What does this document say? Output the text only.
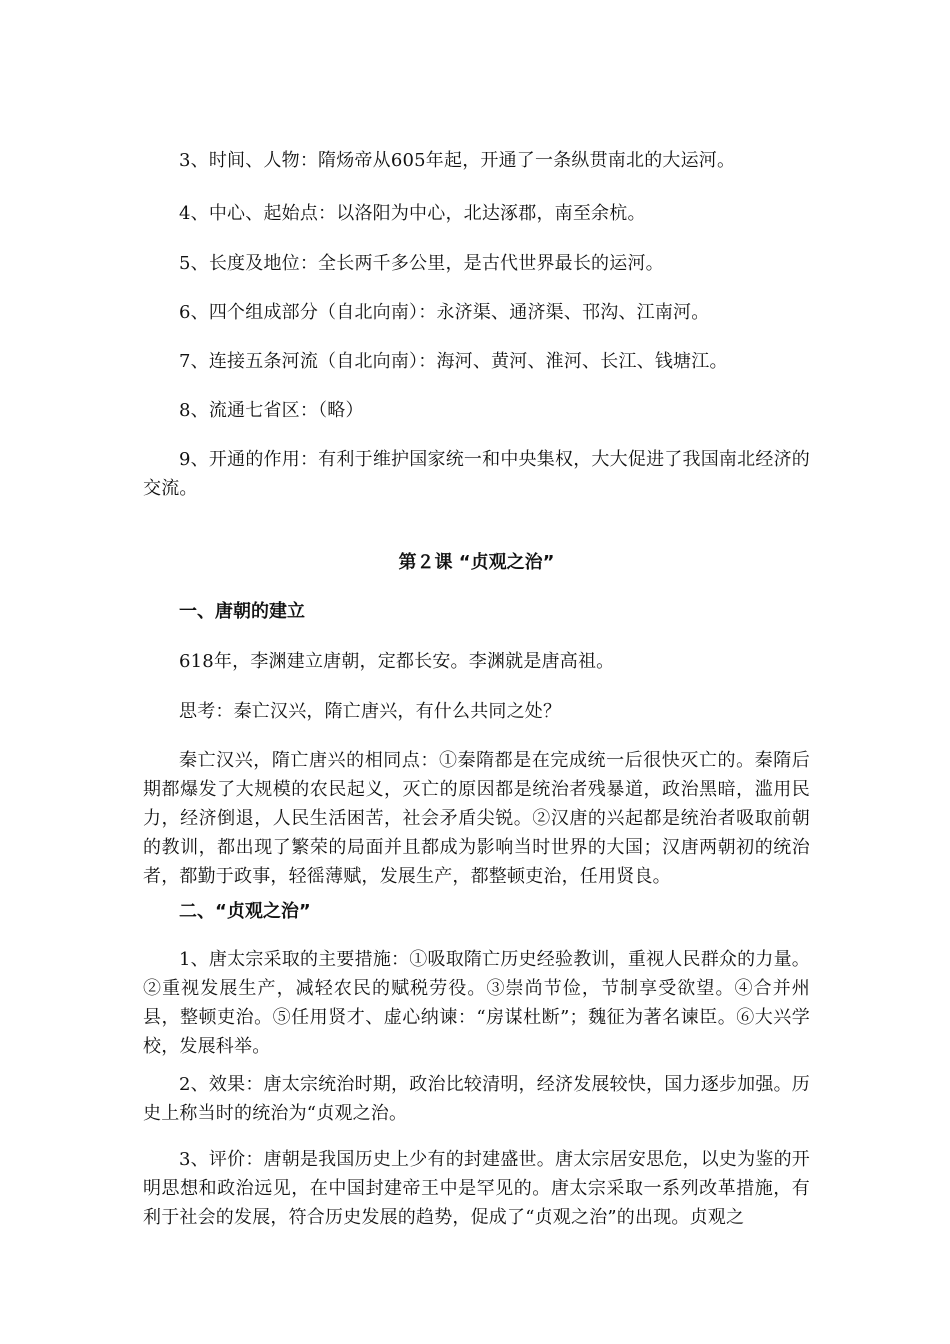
3、时间、人物：隋炀帝从605年起，开通了一条纵贯南北的大运河。
4、中心、起始点：以洛阳为中心，北达涿郡，南至余杭。
5、长度及地位：全长两千多公里，是古代世界最长的运河。
6、四个组成部分（自北向南）：永济渠、通济渠、邗沟、江南河。
7、连接五条河流（自北向南）：海河、黄河、淮河、长江、钱塘江。
8、流通七省区：（略）
9、开通的作用：有利于维护国家统一和中央集权，大大促进了我国南北经济的交流。
第２课 “贞观之治”
一、唐朝的建立
618年，李渊建立唐朝，定都长安。李渊就是唐高祖。
思考：秦亡汉兴，隋亡唐兴，有什么共同之处？
秦亡汉兴，隋亡唐兴的相同点：①秦隋都是在完成统一后很快灭亡的。秦隋后期都爆发了大规模的农民起义，灭亡的原因都是统治者残暴道，政治黑暗，滥用民力，经济倒退，人民生活困苦，社会矛盾尖锐。②汉唐的兴起都是统治者吸取前朝的教训，都出现了繁荣的局面并且都成为影响当时世界的大国；汉唐两朝初的统治者，都勤于政事，轻徭薄赋，发展生产，都整顿吏治，任用贤良。
二、“贞观之治”
1、唐太宗采取的主要措施：①吸取隋亡历史经验教训，重视人民群众的力量。②重视发展生产，减轻农民的赋税劳役。③崇尚节俭，节制享受欲望。④合并州县，整顿吏治。⑤任用贤才、虚心纳谏：“房谋杜断”；魏征为著名谏臣。⑥大兴学校，发展科举。
2、效果：唐太宗统治时期，政治比较清明，经济发展较快，国力逐步加强。历史上称当时的统治为“贞观之治。
3、评价：唐朝是我国历史上少有的封建盛世。唐太宗居安思危，以史为鉴的开明思想和政治远见，在中国封建帝王中是罕见的。唐太宗采取一系列改革措施，有利于社会的发展，符合历史发展的趋势，促成了“贞观之治”的出现。贞观之
